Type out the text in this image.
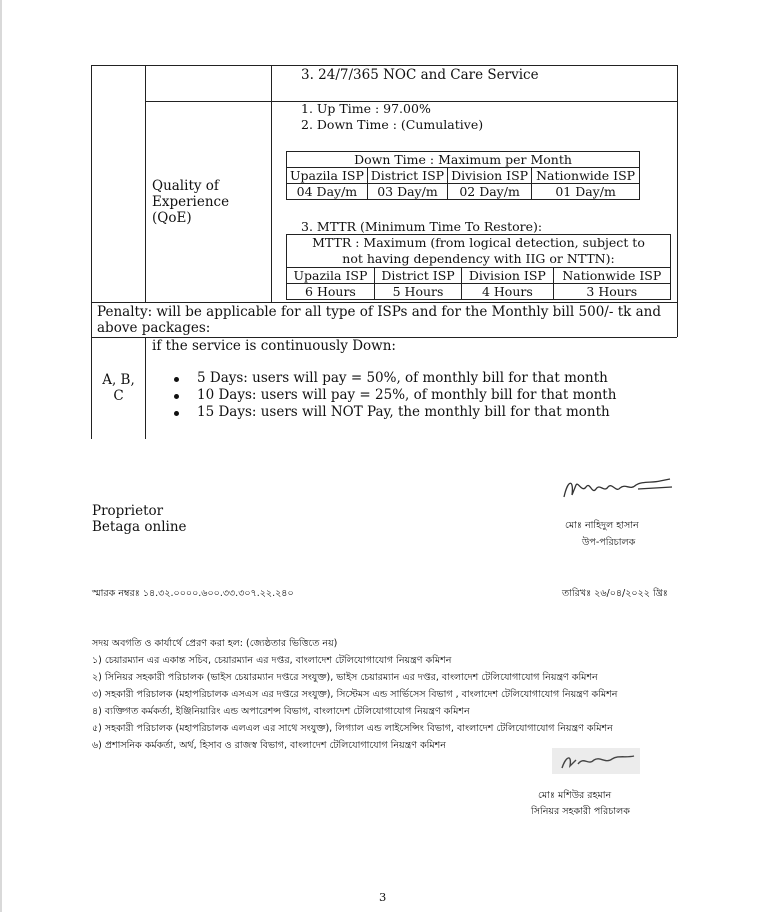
3. 24/7/365 NOC and Care Service
Quality of
Experience
(QoE)
1. Up Time : 97.00%
2. Down Time : (Cumulative)
Down Time : Maximum per Month			
Upazila ISP	District ISP	Division ISP	Nationwide ISP
04 Day/m	03 Day/m	02 Day/m	01 Day/m
3. MTTR (Minimum Time To Restore):
MTTR : Maximum (from logical detection, subject to
not having dependency with IIG or NTTN):			

Upazila ISP	District ISP	Division ISP	Nationwide ISP
6 Hours	5 Hours	4 Hours	3 Hours
Penalty: will be applicable for all type of ISPs and for the Monthly bill 500/- tk and
above packages:
A, B,
C
if the service is continuously Down:
5 Days: users will pay = 50%, of monthly bill for that month
10 Days: users will pay = 25%, of monthly bill for that month
15 Days: users will NOT Pay, the monthly bill for that month
Proprietor
Betaga online	মোঃ নাহিদুল হাসান
উপ-পরিচালক
স্মারক নম্বরঃ ১৪.৩২.০০০০.৬০০.৩৩.৩০৭.২২.২৪০	তারিখঃ ২৬/০৪/২০২২ খ্রিঃ
সদয় অবগতি ও কার্যার্থে প্রেরণ করা হল: (জ্যেষ্ঠতার ভিত্তিতে নয়)
১) চেয়ারম্যান এর একান্ত সচিব, চেয়ারম্যান এর দপ্তর, বাংলাদেশ টেলিযোগাযোগ নিয়ন্ত্রণ কমিশন
২) সিনিয়র সহকারী পরিচালক (ভাইস চেয়ারম্যান দপ্তরে সংযুক্ত), ভাইস চেয়ারম্যান এর দপ্তর, বাংলাদেশ টেলিযোগাযোগ নিয়ন্ত্রণ কমিশন
৩) সহকারী পরিচালক (মহাপরিচালক এসএস এর দপ্তরে সংযুক্ত), সিস্টেমস এন্ড সার্ভিসেস বিভাগ , বাংলাদেশ টেলিযোগাযোগ নিয়ন্ত্রণ কমিশন
৪) ব্যক্তিগত কর্মকর্তা, ইঞ্জিনিয়ারিং এন্ড অপারেশন্স বিভাগ, বাংলাদেশ টেলিযোগাযোগ নিয়ন্ত্রণ কমিশন
৫) সহকারী পরিচালক (মহাপরিচালক এলএল এর সাথে সংযুক্ত), লিগ্যাল এন্ড লাইসেন্সিং বিভাগ, বাংলাদেশ টেলিযোগাযোগ নিয়ন্ত্রণ কমিশন
৬) প্রশাসনিক কর্মকর্তা, অর্থ, হিসাব ও রাজস্ব বিভাগ, বাংলাদেশ টেলিযোগাযোগ নিয়ন্ত্রণ কমিশন
মোঃ মশিউর রহমান
সিনিয়র সহকারী পরিচালক
3
